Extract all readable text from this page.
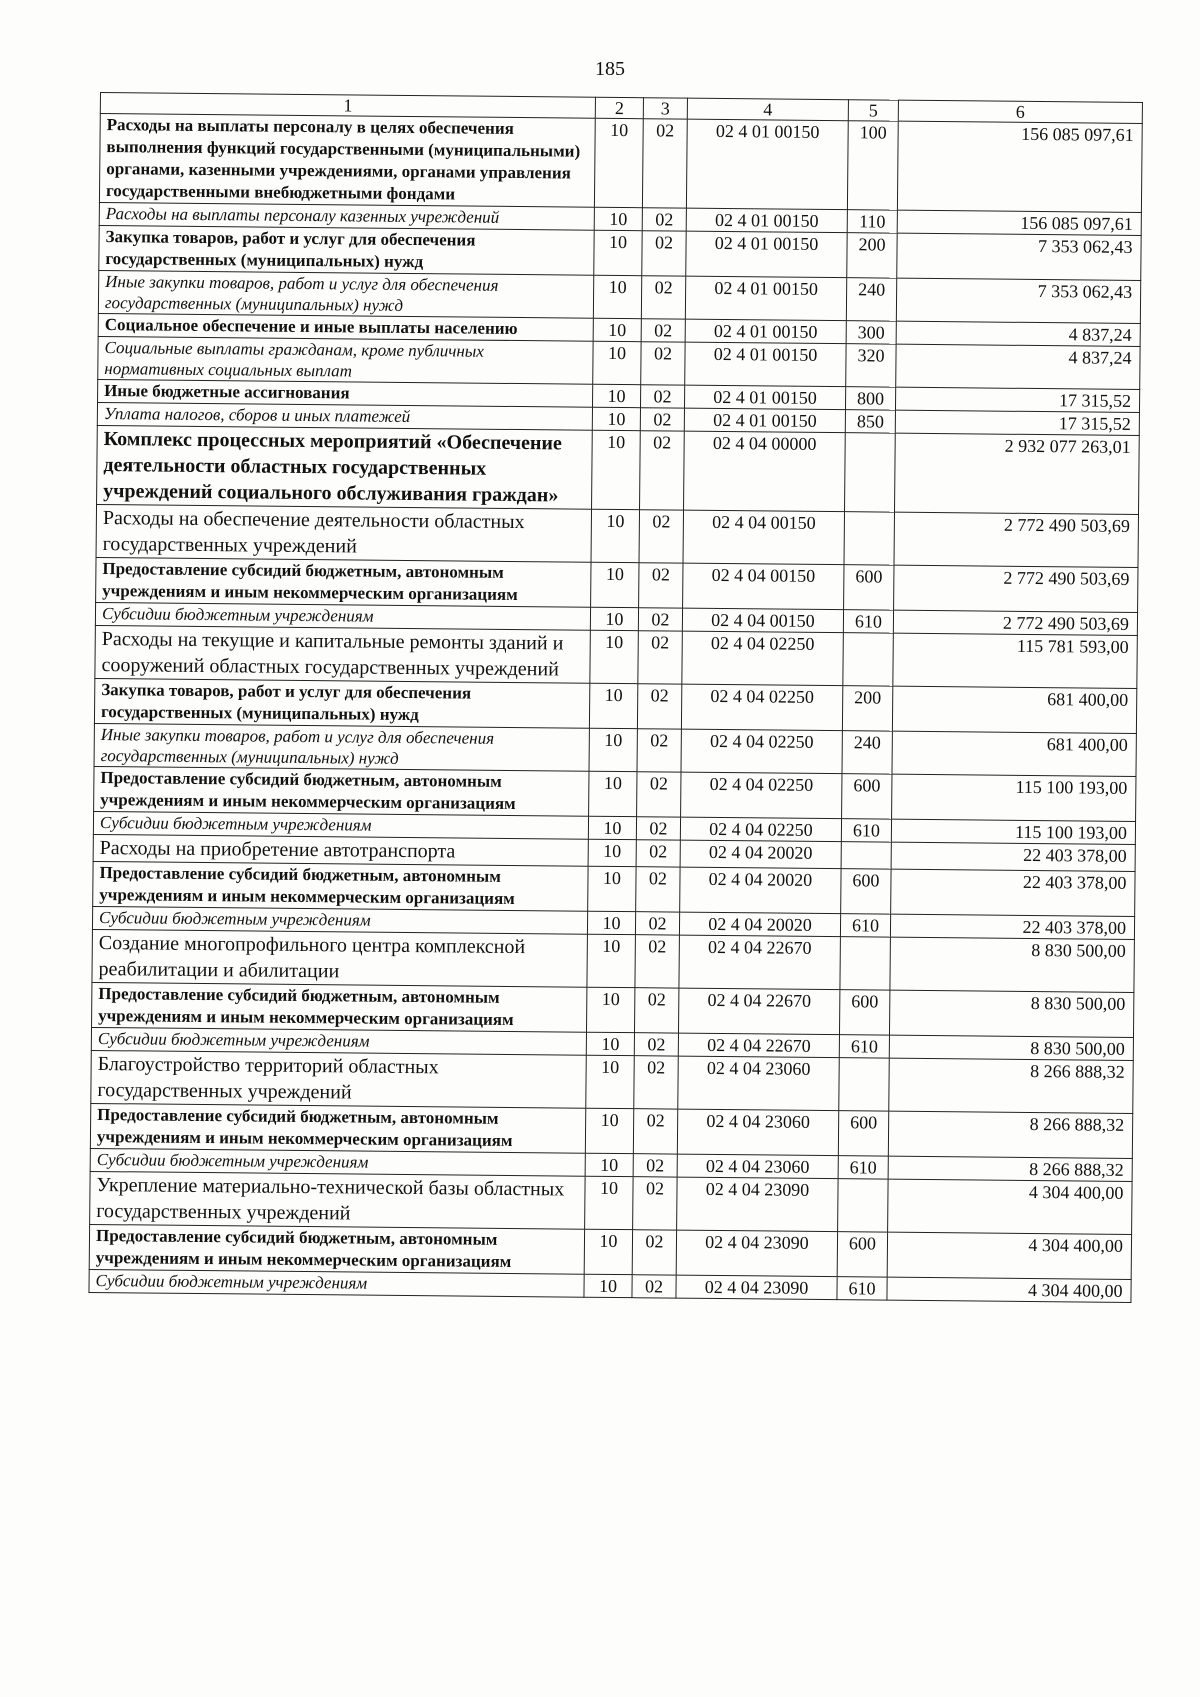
185
1	2	3	4	5	6
Расходы на выплаты персоналу в целях обеспечения выполнения функций государственными (муниципальными) органами, казенными учреждениями, органами управления государственными внебюджетными фондами	10	02	02 4 01 00150	100	156 085 097,61
Расходы на выплаты персоналу казенных учреждений	10	02	02 4 01 00150	110	156 085 097,61
Закупка товаров, работ и услуг для обеспечения государственных (муниципальных) нужд	10	02	02 4 01 00150	200	7 353 062,43
Иные закупки товаров, работ и услуг для обеспечения государственных (муниципальных) нужд	10	02	02 4 01 00150	240	7 353 062,43
Социальное обеспечение и иные выплаты населению	10	02	02 4 01 00150	300	4 837,24
Социальные выплаты гражданам, кроме публичных нормативных социальных выплат	10	02	02 4 01 00150	320	4 837,24
Иные бюджетные ассигнования	10	02	02 4 01 00150	800	17 315,52
Уплата налогов, сборов и иных платежей	10	02	02 4 01 00150	850	17 315,52
Комплекс процессных мероприятий «Обеспечение деятельности областных государственных учреждений социального обслуживания граждан»	10	02	02 4 04 00000		2 932 077 263,01
Расходы на обеспечение деятельности областных государственных учреждений	10	02	02 4 04 00150		2 772 490 503,69
Предоставление субсидий бюджетным, автономным учреждениям и иным некоммерческим организациям	10	02	02 4 04 00150	600	2 772 490 503,69
Субсидии бюджетным учреждениям	10	02	02 4 04 00150	610	2 772 490 503,69
Расходы на текущие и капитальные ремонты зданий и сооружений областных государственных учреждений	10	02	02 4 04 02250		115 781 593,00
Закупка товаров, работ и услуг для обеспечения государственных (муниципальных) нужд	10	02	02 4 04 02250	200	681 400,00
Иные закупки товаров, работ и услуг для обеспечения государственных (муниципальных) нужд	10	02	02 4 04 02250	240	681 400,00
Предоставление субсидий бюджетным, автономным учреждениям и иным некоммерческим организациям	10	02	02 4 04 02250	600	115 100 193,00
Субсидии бюджетным учреждениям	10	02	02 4 04 02250	610	115 100 193,00
Расходы на приобретение автотранспорта	10	02	02 4 04 20020		22 403 378,00
Предоставление субсидий бюджетным, автономным учреждениям и иным некоммерческим организациям	10	02	02 4 04 20020	600	22 403 378,00
Субсидии бюджетным учреждениям	10	02	02 4 04 20020	610	22 403 378,00
Создание многопрофильного центра комплексной реабилитации и абилитации	10	02	02 4 04 22670		8 830 500,00
Предоставление субсидий бюджетным, автономным учреждениям и иным некоммерческим организациям	10	02	02 4 04 22670	600	8 830 500,00
Субсидии бюджетным учреждениям	10	02	02 4 04 22670	610	8 830 500,00
Благоустройство территорий областных государственных учреждений	10	02	02 4 04 23060		8 266 888,32
Предоставление субсидий бюджетным, автономным учреждениям и иным некоммерческим организациям	10	02	02 4 04 23060	600	8 266 888,32
Субсидии бюджетным учреждениям	10	02	02 4 04 23060	610	8 266 888,32
Укрепление материально-технической базы областных государственных учреждений	10	02	02 4 04 23090		4 304 400,00
Предоставление субсидий бюджетным, автономным учреждениям и иным некоммерческим организациям	10	02	02 4 04 23090	600	4 304 400,00
Субсидии бюджетным учреждениям	10	02	02 4 04 23090	610	4 304 400,00
